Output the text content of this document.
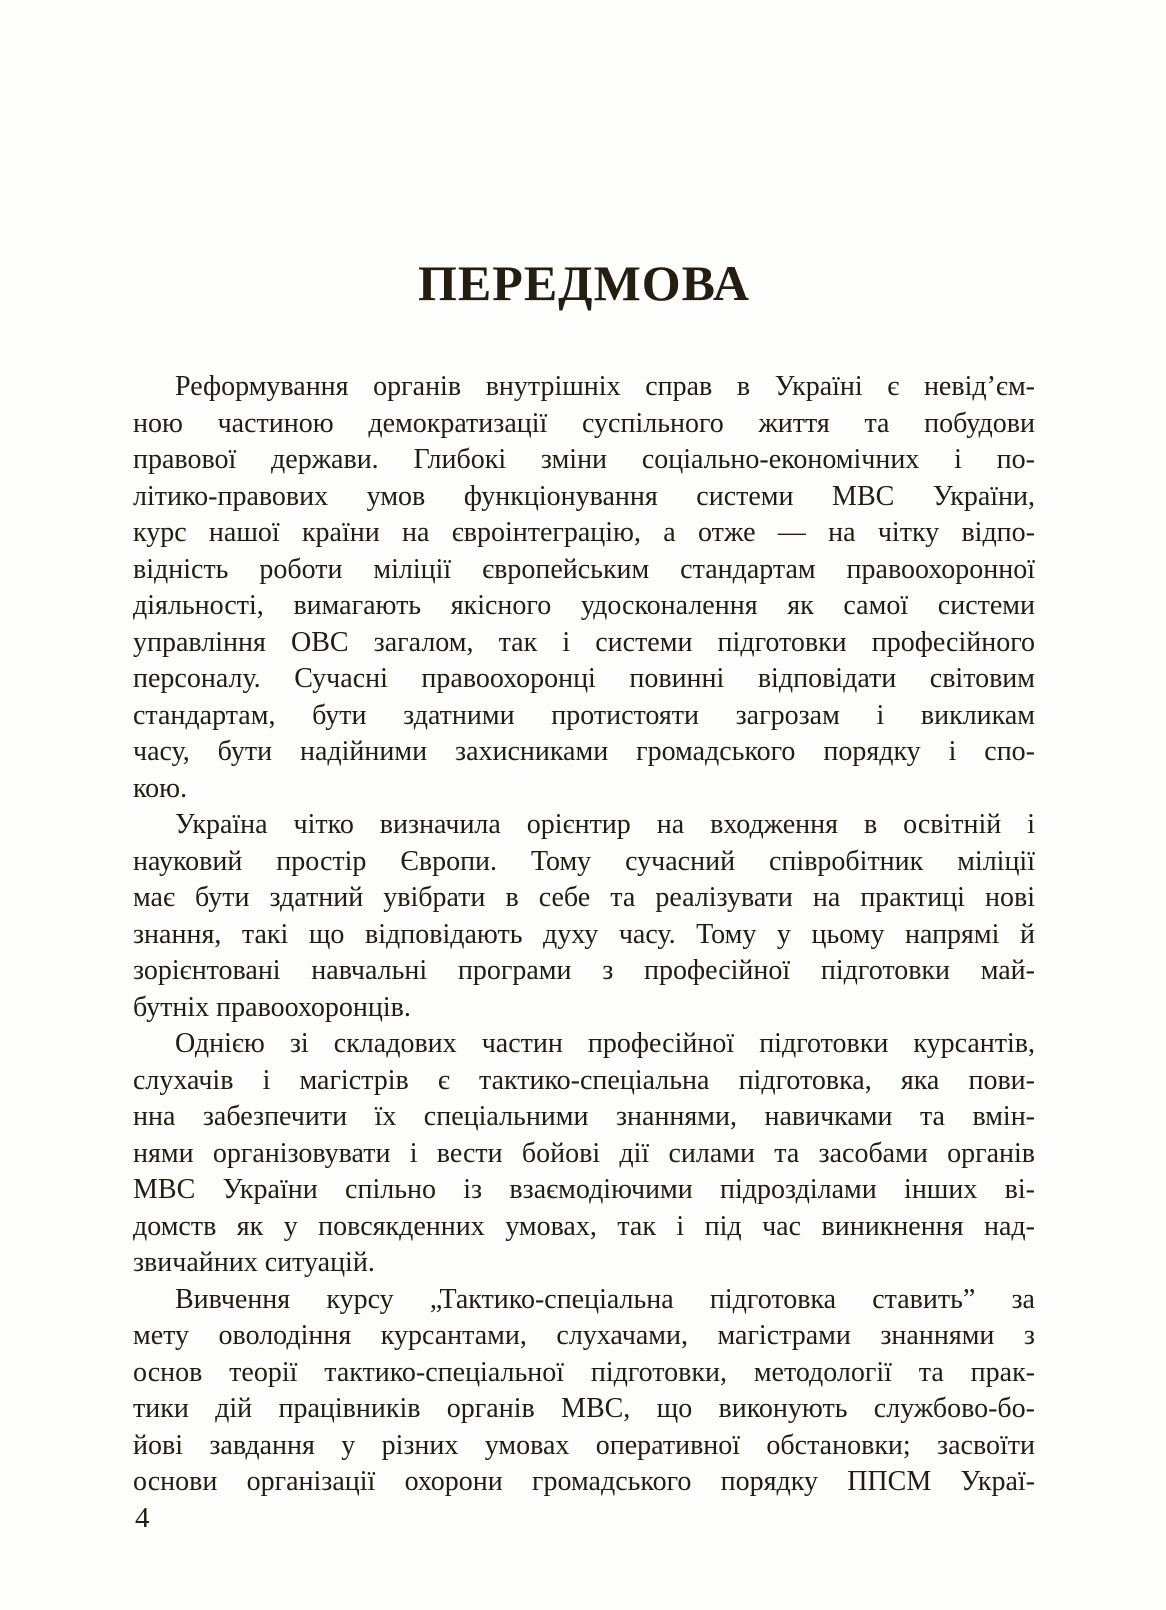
ПЕРЕДМОВА
Реформування органів внутрішніх справ в Україні є невід’єм-
ною частиною демократизації суспільного життя та побудови
правової держави. Глибокі зміни соціально-економічних і по-
літико-правових умов функціонування системи МВС України,
курс нашої країни на євроінтеграцію, а отже — на чітку відпо-
відність роботи міліції європейським стандартам правоохоронної
діяльності, вимагають якісного удосконалення як самої системи
управління ОВС загалом, так і системи підготовки професійного
персоналу. Сучасні правоохоронці повинні відповідати світовим
стандартам, бути здатними протистояти загрозам і викликам
часу, бути надійними захисниками громадського порядку і спо-
кою.
Україна чітко визначила орієнтир на входження в освітній і
науковий простір Європи. Тому сучасний співробітник міліції
має бути здатний увібрати в себе та реалізувати на практиці нові
знання, такі що відповідають духу часу. Тому у цьому напрямі й
зорієнтовані навчальні програми з професійної підготовки май-
бутніх правоохоронців.
Однією зі складових частин професійної підготовки курсантів,
слухачів і магістрів є тактико-спеціальна підготовка, яка пови-
нна забезпечити їх спеціальними знаннями, навичками та вмін-
нями організовувати і вести бойові дії силами та засобами органів
МВС України спільно із взаємодіючими підрозділами інших ві-
домств як у повсякденних умовах, так і під час виникнення над-
звичайних ситуацій.
Вивчення курсу „Тактико-спеціальна підготовка ставить” за
мету оволодіння курсантами, слухачами, магістрами знаннями з
основ теорії тактико-спеціальної підготовки, методології та прак-
тики дій працівників органів МВС, що виконують службово-бо-
йові завдання у різних умовах оперативної обстановки; засвоїти
основи організації охорони громадського порядку ППСМ Украї-
4
